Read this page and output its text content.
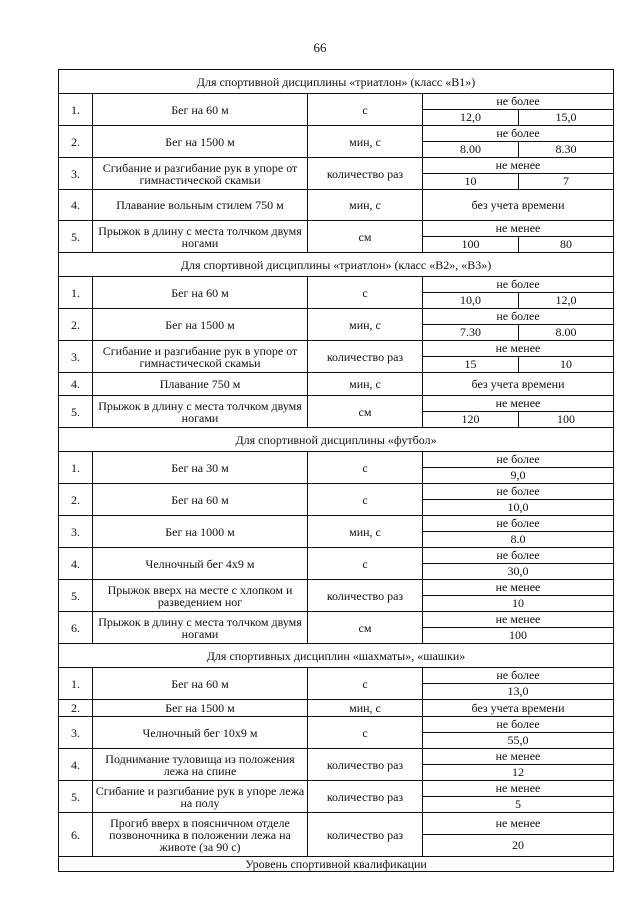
66
Для спортивной дисциплины «триатлон» (класс «В1»)				
1.	Бег на 60 м	с	не более	
			12,0	15,0
2.	Бег на 1500 м	мин, с	не более	
			8.00	8.30
3.	Сгибание и разгибание рук в упоре от гимнастической скамьи	количество раз	не менее	
			10	7
4.	Плавание вольным стилем 750 м	мин, с	без учета времени	
5.	Прыжок в длину с места толчком двумя ногами	см	не менее	
			100	80
Для спортивной дисциплины «триатлон» (класс «В2», «В3»)				
1.	Бег на 60 м	с	не более	
			10,0	12,0
2.	Бег на 1500 м	мин, с	не более	
			7.30	8.00
3.	Сгибание и разгибание рук в упоре от гимнастической скамьи	количество раз	не менее	
			15	10
4.	Плавание 750 м	мин, с	без учета времени	
5.	Прыжок в длину с места толчком двумя ногами	см	не менее	
			120	100
Для спортивной дисциплины «футбол»				
1.	Бег на 30 м	с	не более	
			9,0	
2.	Бег на 60 м	с	не более	
			10,0	
3.	Бег на 1000 м	мин, с	не более	
			8.0	
4.	Челночный бег 4x9 м	с	не более	
			30,0	
5.	Прыжок вверх на месте с хлопком и разведением ног	количество раз	не менее	
			10	
6.	Прыжок в длину с места толчком двумя ногами	см	не менее	
			100	
Для спортивных дисциплин «шахматы», «шашки»				
1.	Бег на 60 м	с	не более	
			13,0	
2.	Бег на 1500 м	мин, с	без учета времени	
3.	Челночный бег 10x9 м	с	не более	
			55,0	
4.	Поднимание туловища из положения лежа на спине	количество раз	не менее	
			12	
5.	Сгибание и разгибание рук в упоре лежа на полу	количество раз	не менее	
			5	
6.	Прогиб вверх в поясничном отделе позвоночника в положении лежа на животе (за 90 с)	количество раз	не менее	
			20	
Уровень спортивной квалификации				
